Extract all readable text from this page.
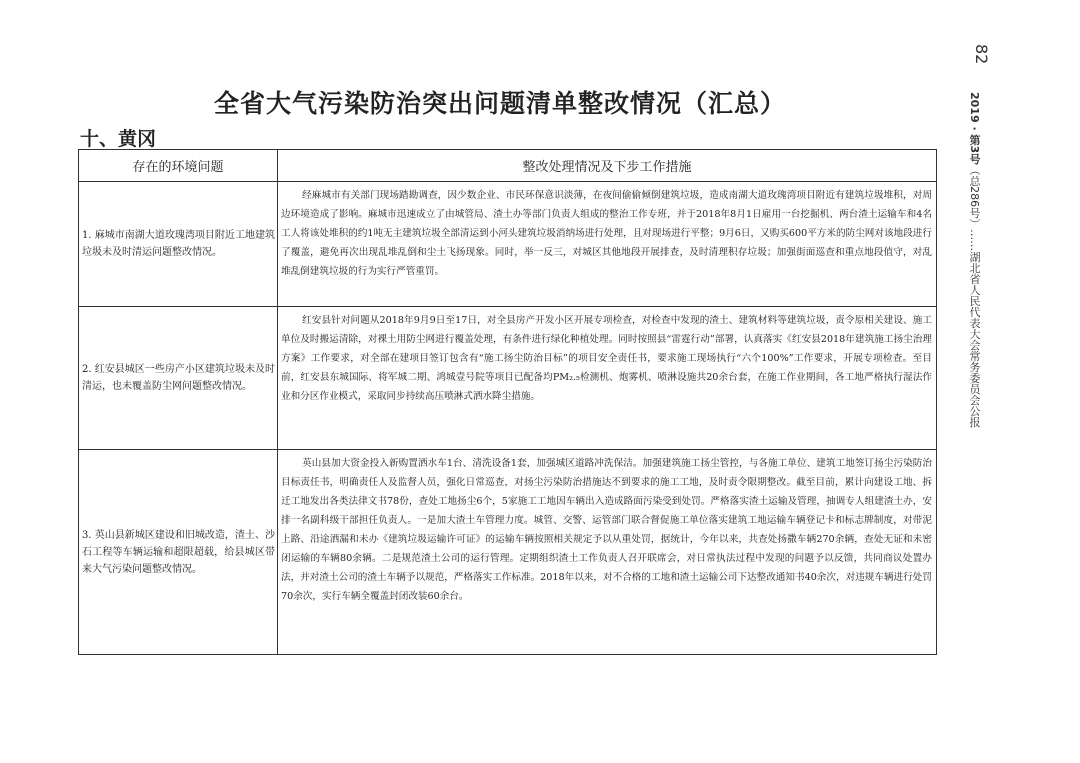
82
2019 · 第3号（总286号）……湖北省人民代表大会常务委员会公报
全省大气污染防治突出问题清单整改情况（汇总）
十、黄冈
存在的环境问题	整改处理情况及下步工作措施
1. 麻城市南湖大道玫瑰湾项目附近工地建筑垃圾未及时清运问题整改情况。	经麻城市有关部门现场踏勘调查，因少数企业、市民环保意识淡薄，在夜间偷偷倾倒建筑垃圾，造成南湖大道玫瑰湾项目附近有建筑垃圾堆积，对周边环境造成了影响。麻城市迅速成立了由城管局、渣土办等部门负责人组成的整治工作专班，并于2018年8月1日雇用一台挖掘机、两台渣土运输车和4名工人将该处堆积的约1吨无主建筑垃圾全部清运到小河头建筑垃圾消纳场进行处理，且对现场进行平整；9月6日，又购买600平方米的防尘网对该地段进行了覆盖，避免再次出现乱堆乱倒和尘土飞扬现象。同时，举一反三，对城区其他地段开展排查，及时清理积存垃圾；加强街面巡查和重点地段值守，对乱堆乱倒建筑垃圾的行为实行严管重罚。

2. 红安县城区一些房产小区建筑垃圾未及时清运，也未覆盖防尘网问题整改情况。	红安县针对问题从2018年9月9日至17日，对全县房产开发小区开展专项检查，对检查中发现的渣土、建筑材料等建筑垃圾，责令原相关建设、施工单位及时搬运清除，对裸土用防尘网进行覆盖处理，有条件进行绿化种植处理。同时按照县“雷霆行动”部署，认真落实《红安县2018年建筑施工扬尘治理方案》工作要求，对全部在建项目签订包含有“施工扬尘防治目标”的项目安全责任书，要求施工现场执行“六个100%”工作要求，开展专项检查。至目前，红安县东城国际、将军城二期、鸿城壹号院等项目已配备均PM₂.₅检测机、炮雾机、喷淋设施共20余台套，在施工作业期间，各工地严格执行湿法作业和分区作业模式，采取同步持续高压喷淋式洒水降尘措施。

3. 英山县新城区建设和旧城改造，渣土、沙石工程等车辆运输和超限超载，给县城区带来大气污染问题整改情况。	英山县加大资金投入新购置洒水车1台、清洗设备1套，加强城区道路冲洗保洁。加强建筑施工扬尘管控，与各施工单位、建筑工地签订扬尘污染防治目标责任书，明确责任人及监督人员，强化日常巡查，对扬尘污染防治措施达不到要求的施工工地，及时责令限期整改。截至目前，累计向建设工地、拆迁工地发出各类法律文书78份，查处工地扬尘6个，5家施工工地因车辆出入造成路面污染受到处罚。严格落实渣土运输及管理，抽调专人组建渣土办，安排一名副科级干部担任负责人。一是加大渣土车管理力度。城管、交警、运管部门联合督促施工单位落实建筑工地运输车辆登记卡和标志牌制度，对带泥上路、沿途洒漏和未办《建筑垃圾运输许可证》的运输车辆按照相关规定予以从重处罚，据统计，今年以来，共查处扬撒车辆270余辆，查处无证和未密闭运输的车辆80余辆。二是规范渣土公司的运行管理。定期组织渣土工作负责人召开联席会，对日常执法过程中发现的问题予以反馈，共同商议处置办法，并对渣土公司的渣土车辆予以规范，严格落实工作标准。2018年以来，对不合格的工地和渣土运输公司下达整改通知书40余次，对违规车辆进行处罚70余次，实行车辆全覆盖封闭改装60余台。
